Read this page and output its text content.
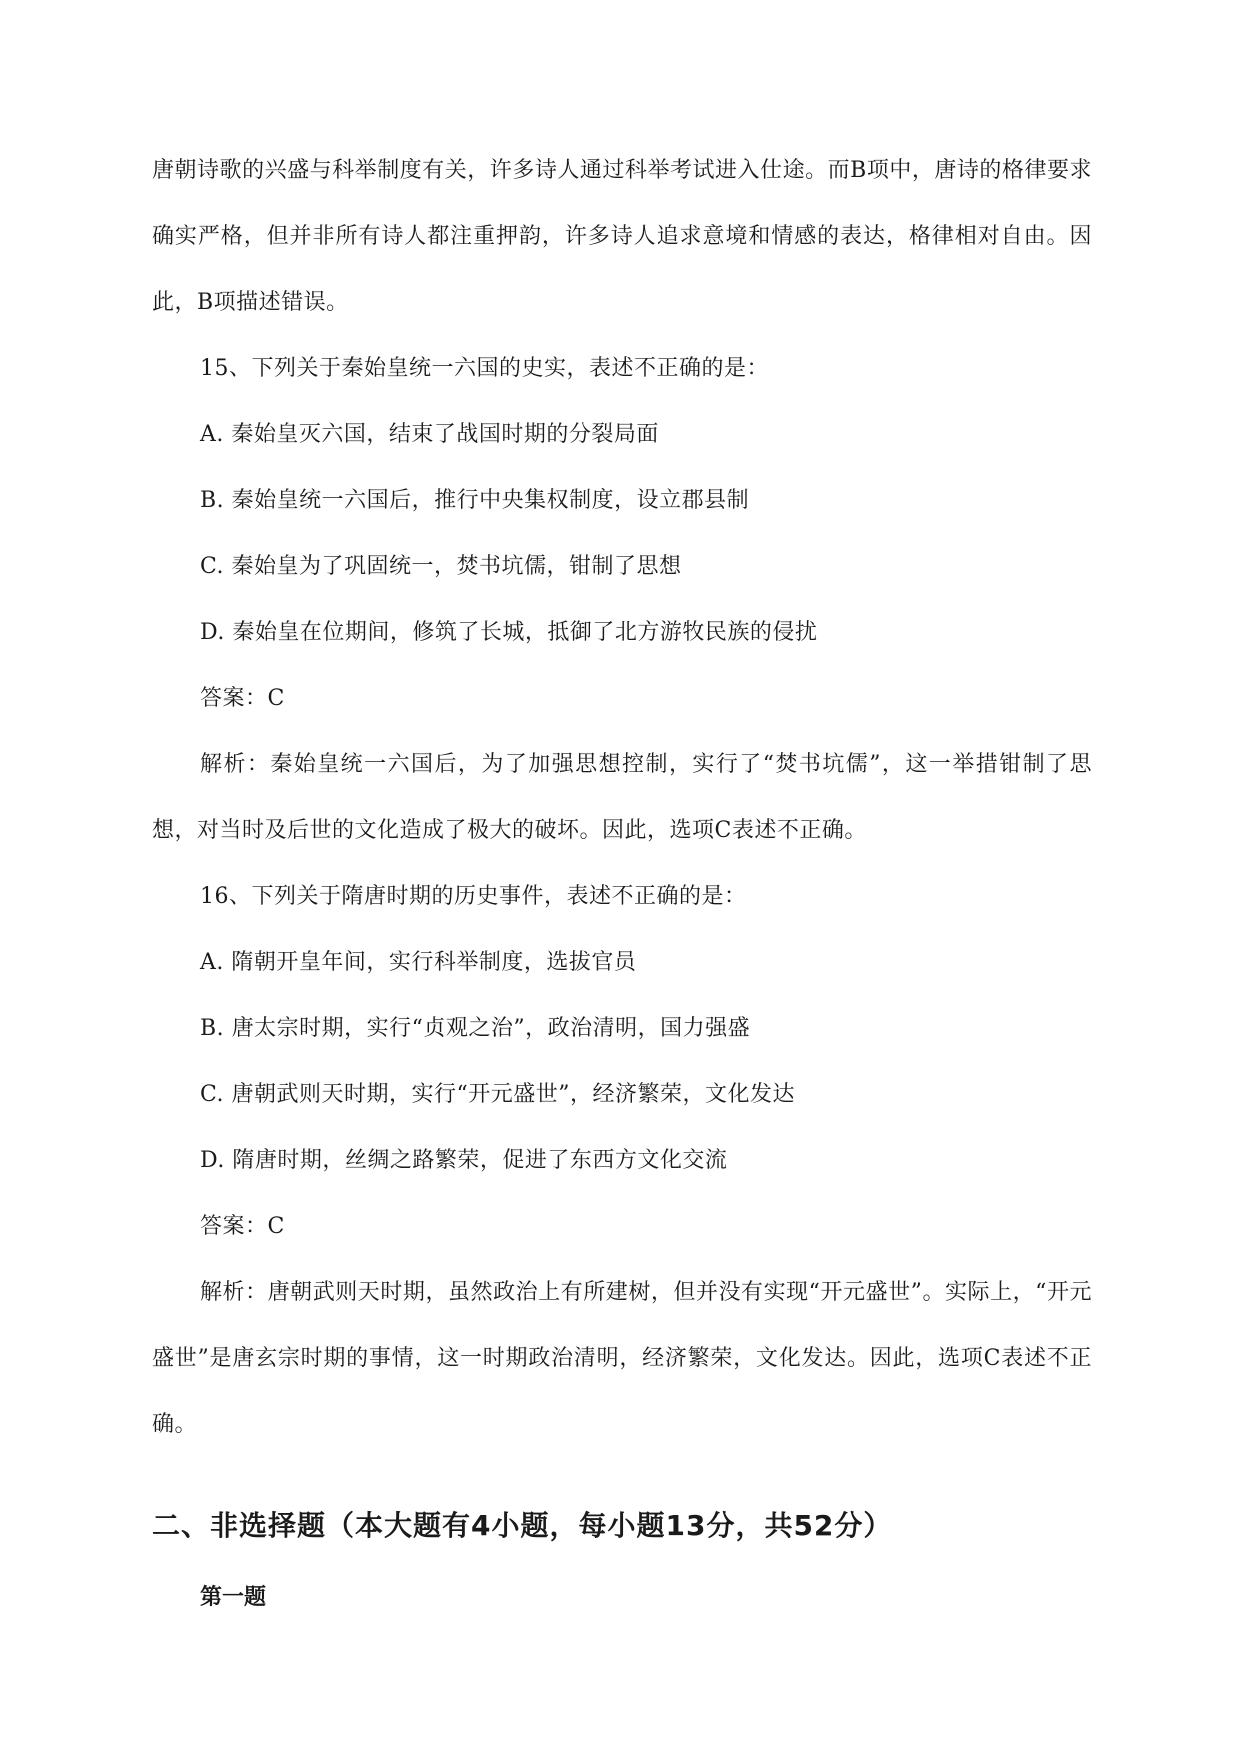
唐朝诗歌的兴盛与科举制度有关，许多诗人通过科举考试进入仕途。而B项中，唐诗的格律要求确实严格，但并非所有诗人都注重押韵，许多诗人追求意境和情感的表达，格律相对自由。因此，B项描述错误。

15、下列关于秦始皇统一六国的史实，表述不正确的是：

A. 秦始皇灭六国，结束了战国时期的分裂局面

B. 秦始皇统一六国后，推行中央集权制度，设立郡县制

C. 秦始皇为了巩固统一，焚书坑儒，钳制了思想

D. 秦始皇在位期间，修筑了长城，抵御了北方游牧民族的侵扰

答案：C

解析：秦始皇统一六国后，为了加强思想控制，实行了“焚书坑儒”，这一举措钳制了思想，对当时及后世的文化造成了极大的破坏。因此，选项C表述不正确。

16、下列关于隋唐时期的历史事件，表述不正确的是：

A. 隋朝开皇年间，实行科举制度，选拔官员

B. 唐太宗时期，实行“贞观之治”，政治清明，国力强盛

C. 唐朝武则天时期，实行“开元盛世”，经济繁荣，文化发达

D. 隋唐时期，丝绸之路繁荣，促进了东西方文化交流

答案：C

解析：唐朝武则天时期，虽然政治上有所建树，但并没有实现“开元盛世”。实际上，“开元盛世”是唐玄宗时期的事情，这一时期政治清明，经济繁荣，文化发达。因此，选项C表述不正确。

二、非选择题（本大题有4小题，每小题13分，共52分）
第一题
